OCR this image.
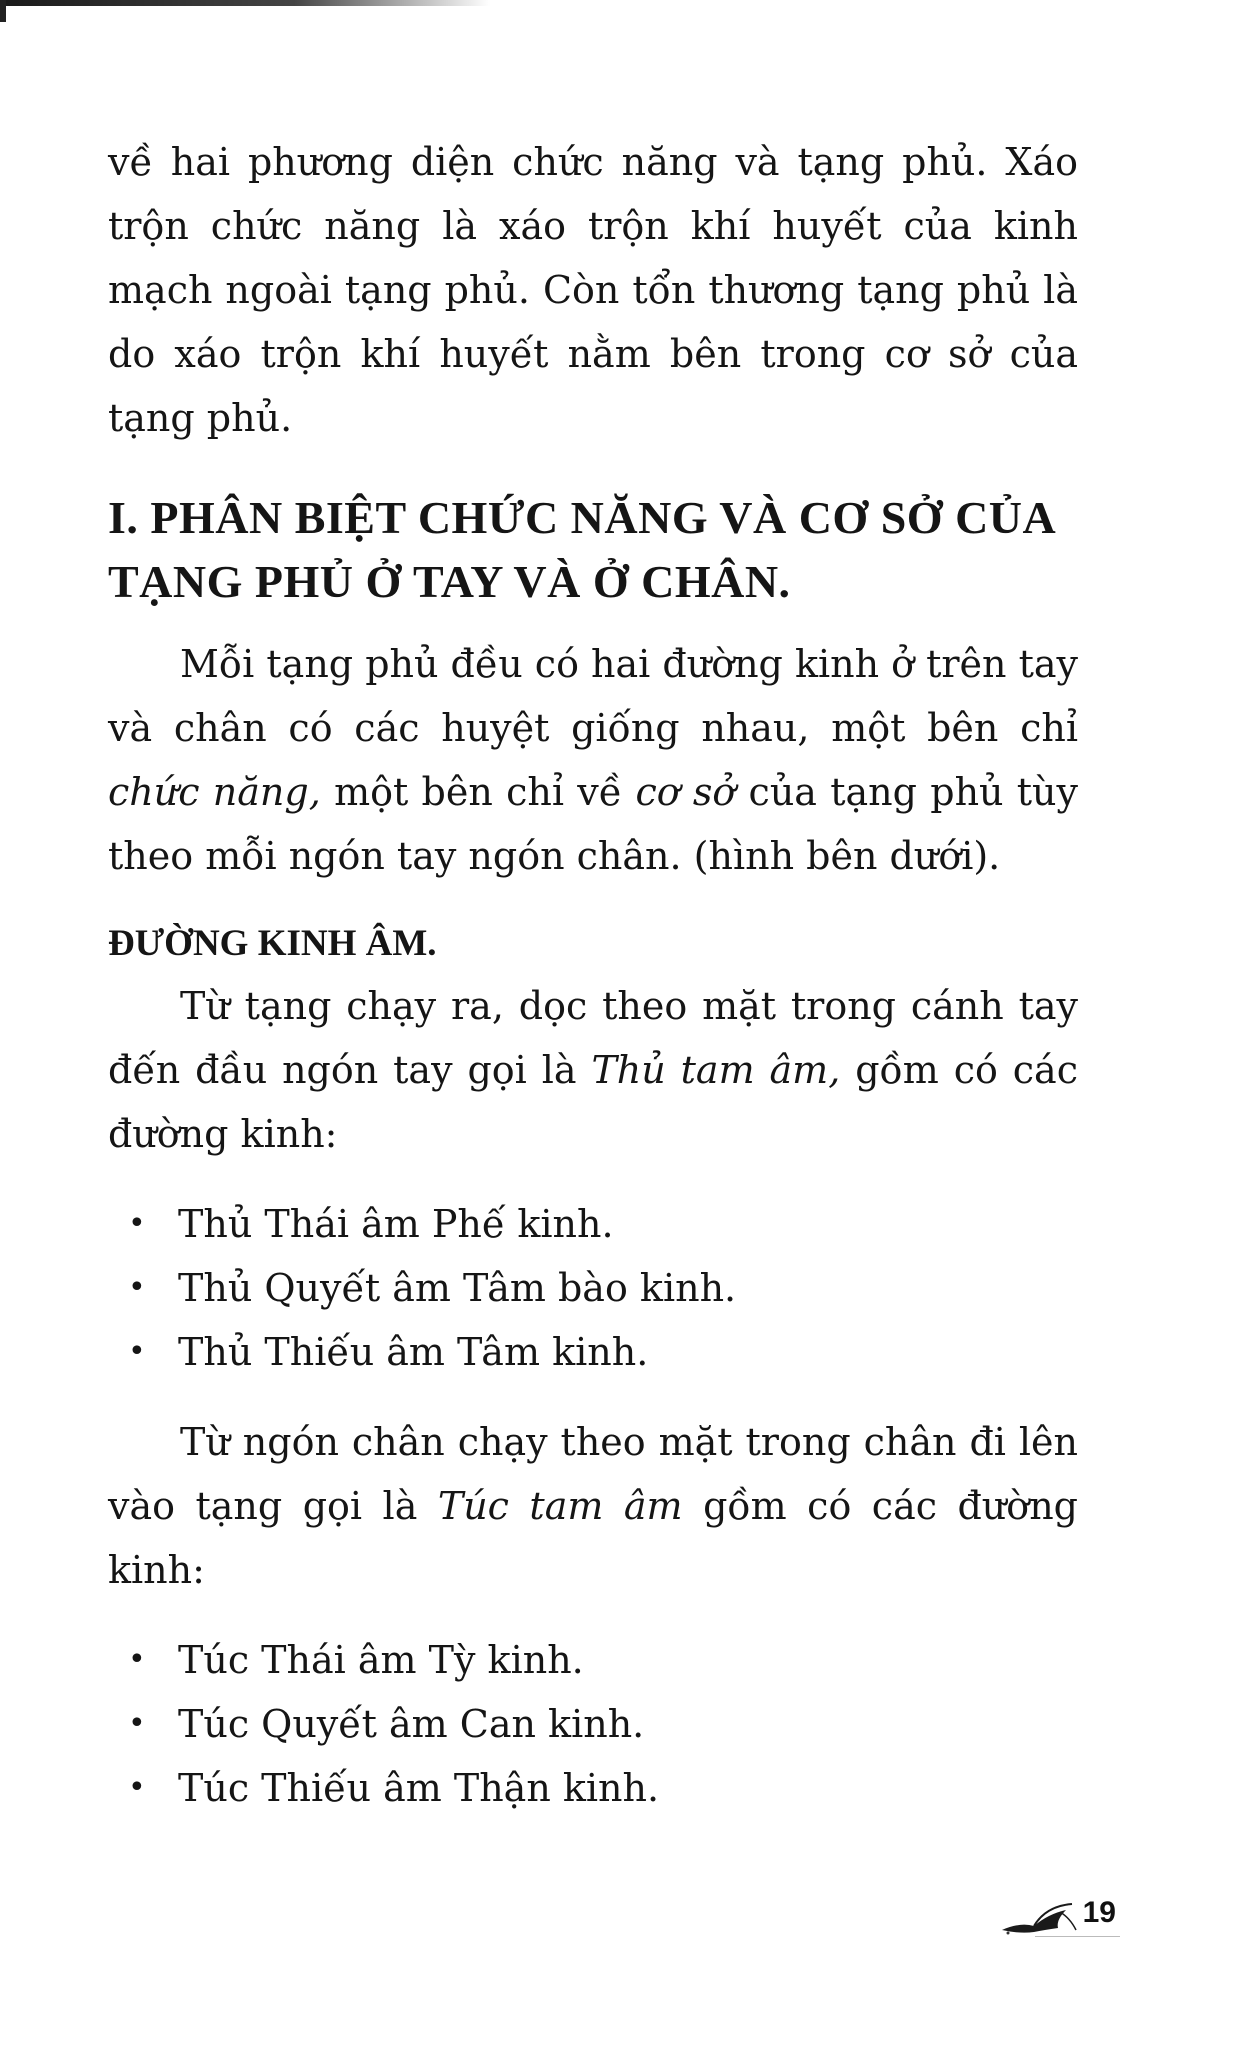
về hai phương diện chức năng và tạng phủ. Xáo trộn chức năng là xáo trộn khí huyết của kinh mạch ngoài tạng phủ. Còn tổn thương tạng phủ là do xáo trộn khí huyết nằm bên trong cơ sở của tạng phủ.

I. PHÂN BIỆT CHỨC NĂNG VÀ CƠ SỞ CỦA TẠNG PHỦ Ở TAY VÀ Ở CHÂN.

Mỗi tạng phủ đều có hai đường kinh ở trên tay và chân có các huyệt giống nhau, một bên chỉ chức năng, một bên chỉ về cơ sở của tạng phủ tùy theo mỗi ngón tay ngón chân. (hình bên dưới).

ĐƯỜNG KINH ÂM.

Từ tạng chạy ra, dọc theo mặt trong cánh tay đến đầu ngón tay gọi là Thủ tam âm, gồm có các đường kinh:

• Thủ Thái âm Phế kinh.
• Thủ Quyết âm Tâm bào kinh.
• Thủ Thiếu âm Tâm kinh.

Từ ngón chân chạy theo mặt trong chân đi lên vào tạng gọi là Túc tam âm gồm có các đường kinh:

• Túc Thái âm Tỳ kinh.
• Túc Quyết âm Can kinh.
• Túc Thiếu âm Thận kinh.
19
